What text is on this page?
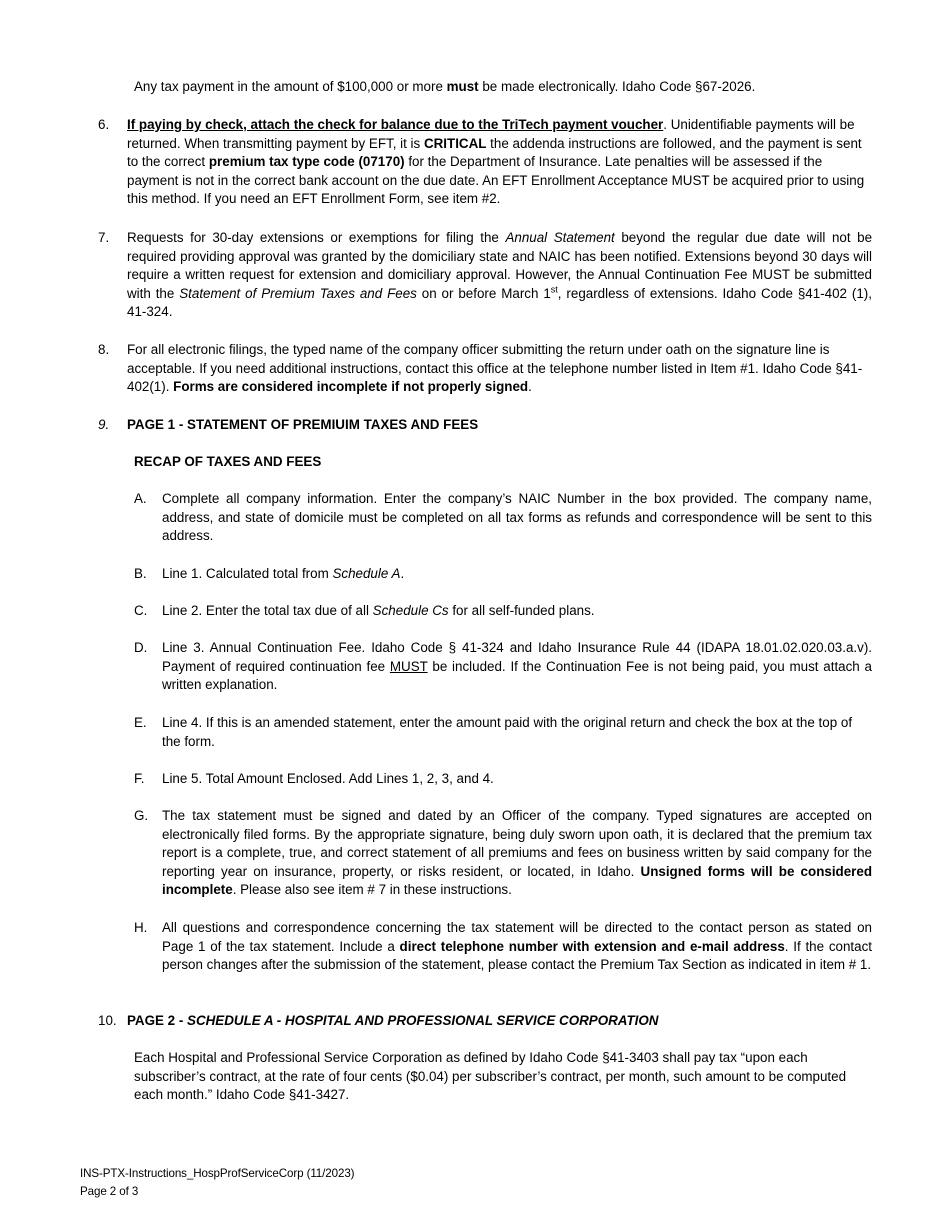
Any tax payment in the amount of $100,000 or more must be made electronically. Idaho Code §67-2026.

6.	If paying by check, attach the check for balance due to the TriTech payment voucher. Unidentifiable payments will be returned. When transmitting payment by EFT, it is CRITICAL the addenda instructions are followed, and the payment is sent to the correct premium tax type code (07170) for the Department of Insurance. Late penalties will be assessed if the payment is not in the correct bank account on the due date. An EFT Enrollment Acceptance MUST be acquired prior to using this method. If you need an EFT Enrollment Form, see item #2.

7.	Requests for 30-day extensions or exemptions for filing the Annual Statement beyond the regular due date will not be required providing approval was granted by the domiciliary state and NAIC has been notified. Extensions beyond 30 days will require a written request for extension and domiciliary approval. However, the Annual Continuation Fee MUST be submitted with the Statement of Premium Taxes and Fees on or before March 1st, regardless of extensions. Idaho Code §41-402 (1), 41-324.

8.	For all electronic filings, the typed name of the company officer submitting the return under oath on the signature line is acceptable. If you need additional instructions, contact this office at the telephone number listed in Item #1. Idaho Code §41-402(1). Forms are considered incomplete if not properly signed.

9.	PAGE 1 - STATEMENT OF PREMIUIM TAXES AND FEES

RECAP OF TAXES AND FEES

A.	Complete all company information. Enter the company’s NAIC Number in the box provided. The company name, address, and state of domicile must be completed on all tax forms as refunds and correspondence will be sent to this address.

B.	Line 1. Calculated total from Schedule A.

C.	Line 2. Enter the total tax due of all Schedule Cs for all self-funded plans.

D.	Line 3. Annual Continuation Fee. Idaho Code § 41-324 and Idaho Insurance Rule 44 (IDAPA 18.01.02.020.03.a.v). Payment of required continuation fee MUST be included. If the Continuation Fee is not being paid, you must attach a written explanation.

E.	Line 4. If this is an amended statement, enter the amount paid with the original return and check the box at the top of the form.

F.	Line 5. Total Amount Enclosed. Add Lines 1, 2, 3, and 4.

G.	The tax statement must be signed and dated by an Officer of the company. Typed signatures are accepted on electronically filed forms. By the appropriate signature, being duly sworn upon oath, it is declared that the premium tax report is a complete, true, and correct statement of all premiums and fees on business written by said company for the reporting year on insurance, property, or risks resident, or located, in Idaho. Unsigned forms will be considered incomplete. Please also see item # 7 in these instructions.

H.	All questions and correspondence concerning the tax statement will be directed to the contact person as stated on Page 1 of the tax statement. Include a direct telephone number with extension and e-mail address. If the contact person changes after the submission of the statement, please contact the Premium Tax Section as indicated in item # 1.

10. PAGE 2 - SCHEDULE A - HOSPITAL AND PROFESSIONAL SERVICE CORPORATION

Each Hospital and Professional Service Corporation as defined by Idaho Code §41-3403 shall pay tax “upon each subscriber’s contract, at the rate of four cents ($0.04) per subscriber’s contract, per month, such amount to be computed each month.” Idaho Code §41-3427.

INS-PTX-Instructions_HospProfServiceCorp (11/2023)
Page 2 of 3
